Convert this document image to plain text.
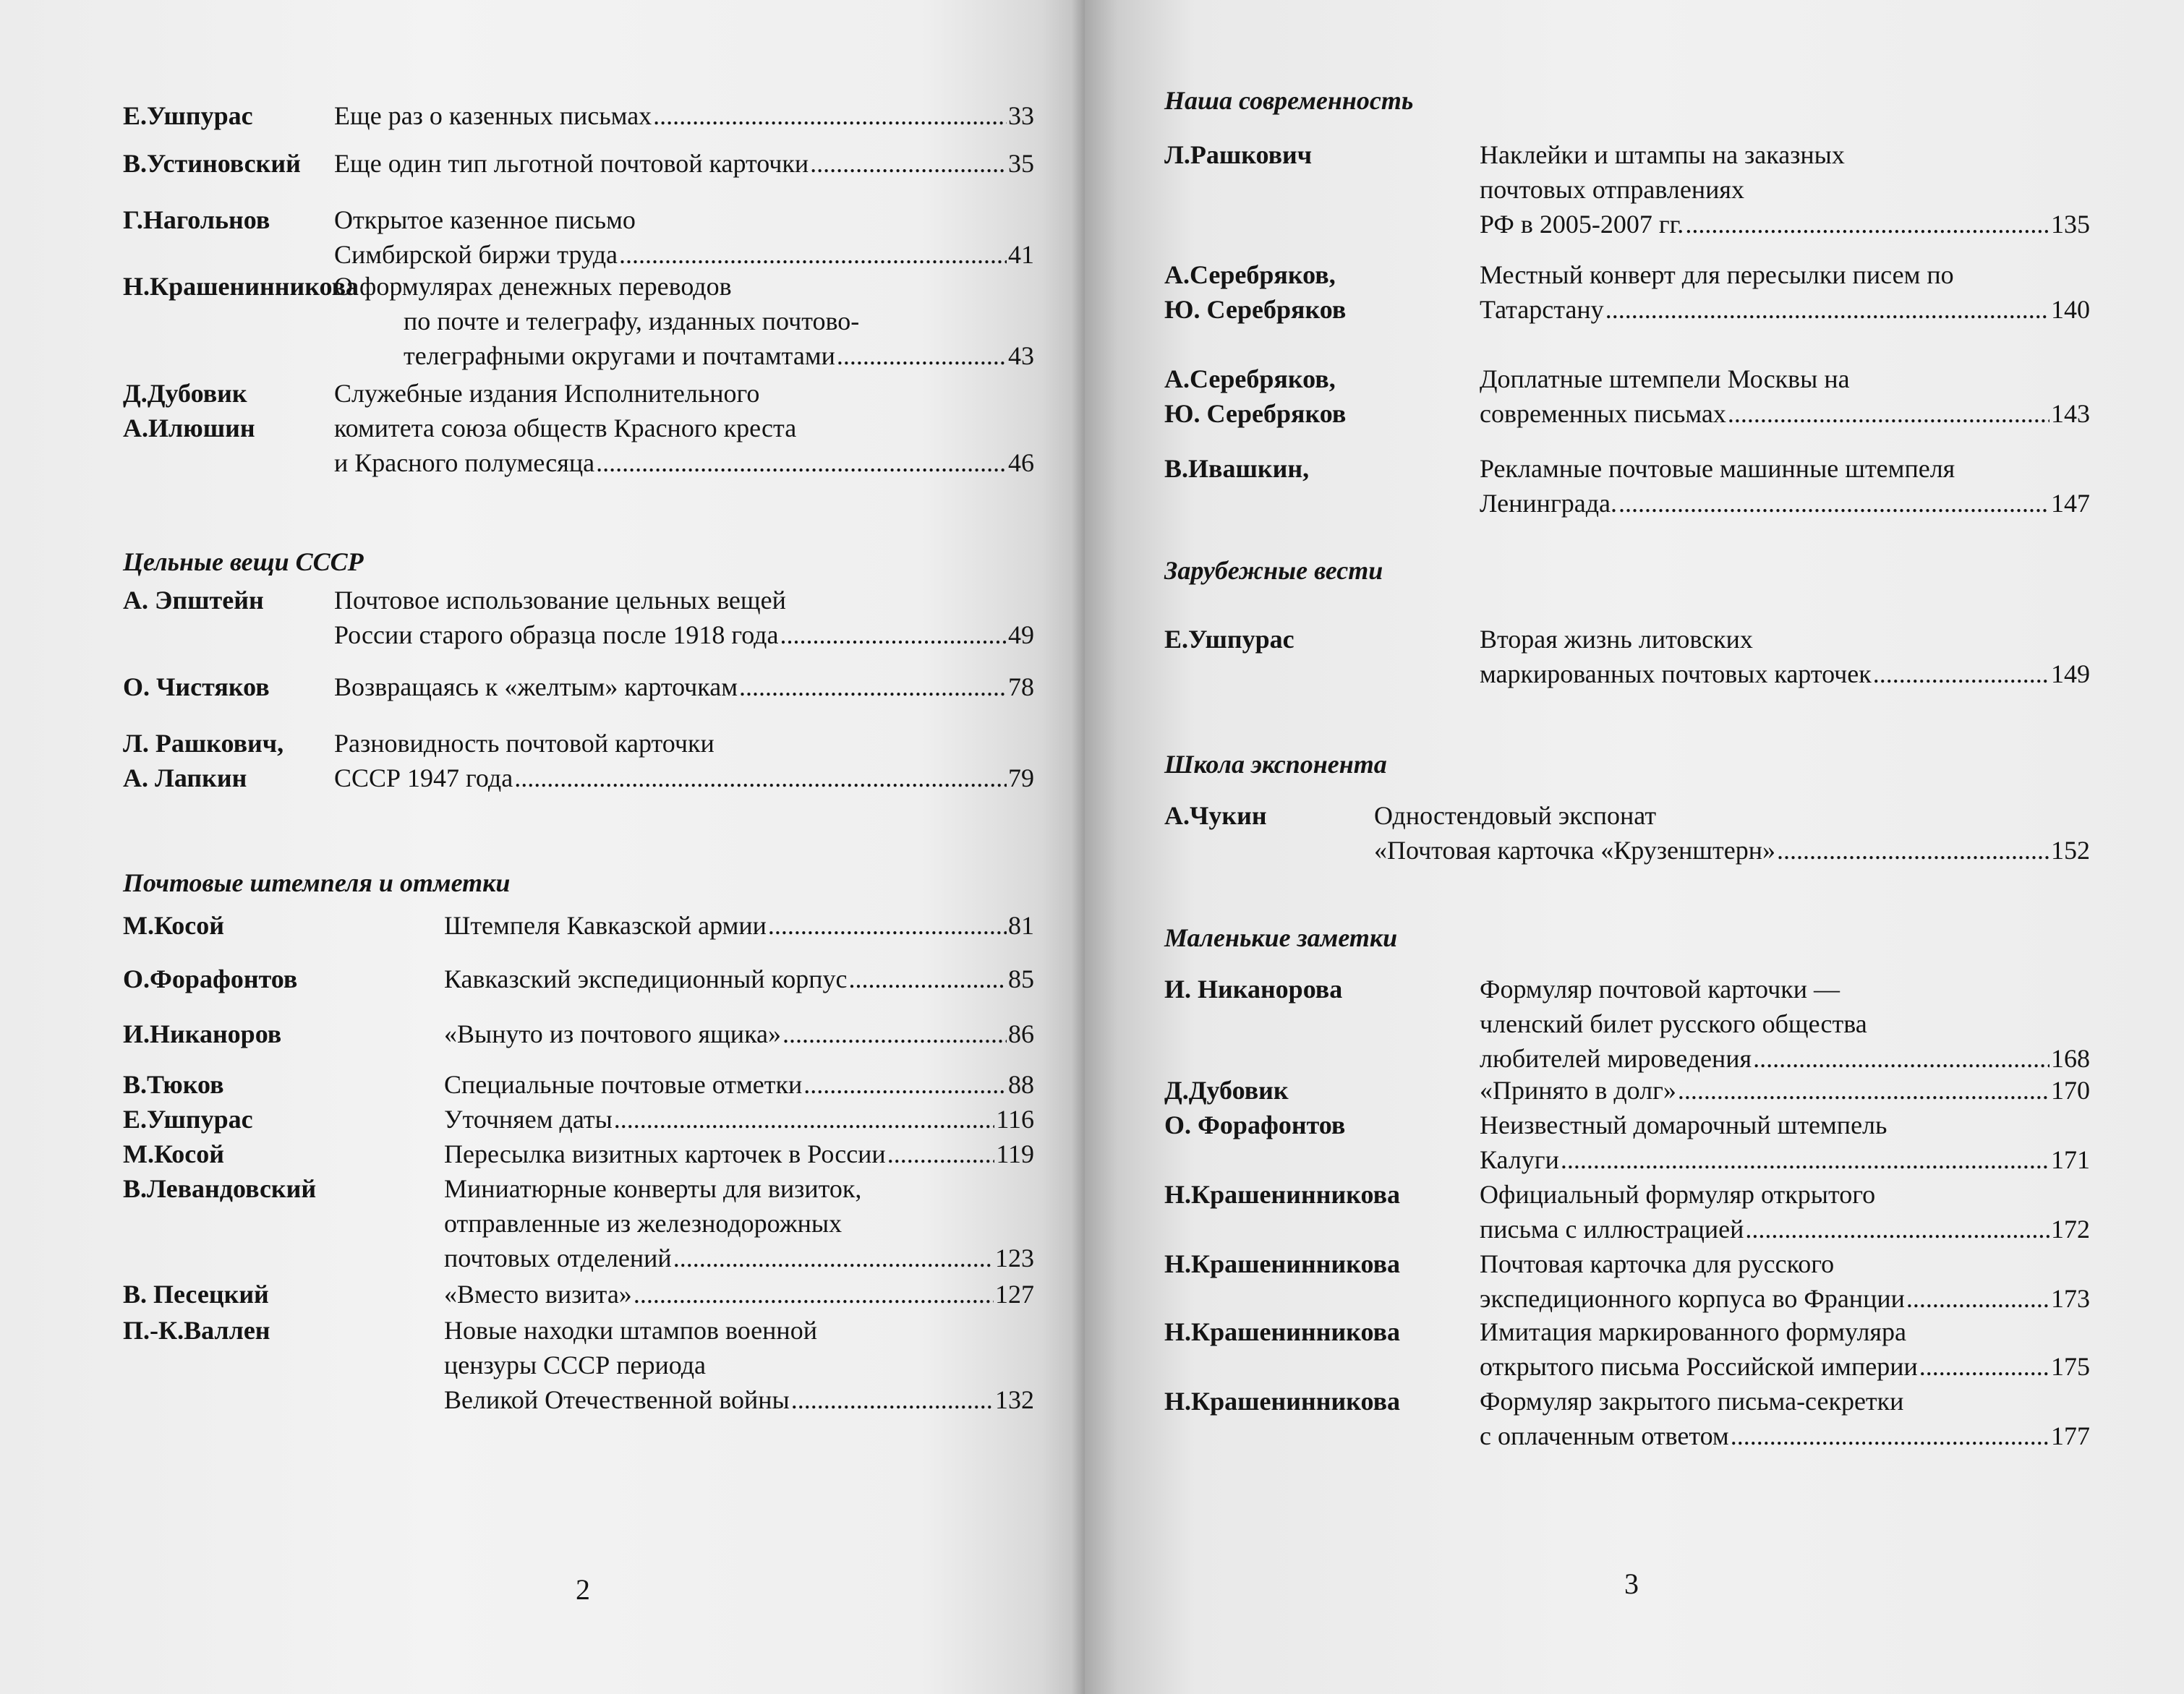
Е.Ушпурас	Еще раз о казенных письмах .....	33
В.Устиновский Еще один тип льготной почтовой карточки .....	35
Г.Нагольнов Открытое казенное письмо
Симбирской биржи труда .....	41
Н.Крашенинникова
О формулярах денежных переводов
по почте и телеграфу, изданных почтово-
телеграфными округами и почтамтами .....	43
Д.Дубовик
А.Илюшин
Служебные издания Исполнительного
комитета союза обществ Красного креста
и Красного полумесяца .....	46
Цельные вещи СССР
А. Эпштейн	Почтовое использование цельных вещей
России старого образца после 1918 года .....	49
О. Чистяков Возвращаясь к «желтым» карточкам .....	78
Л. Рашкович,
А. Лапкин
Разновидность почтовой карточки
СССР 1947 года .....	79
Почтовые штемпеля и отметки
М.Косой	Штемпеля Кавказской армии .....	81
О.Форафонтов	Кавказский экспедиционный корпус .....	85
И.Никаноров	«Вынуто из почтового ящика» .....	86
В.Тюков	Специальные почтовые отметки .....	88
Е.Ушпурас	Уточняем даты .....	116
М.Косой	Пересылка визитных карточек в России .....	119
В.Левандовский	Миниатюрные конверты для визиток,
отправленные из железнодорожных
почтовых отделений .....	123
В. Песецкий	«Вместо визита» .....	127
П.-К.Валлен	Новые находки штампов военной
цензуры СССР периода
Великой Отечественной войны .....	132
2
Наша современность
Л.Рашкович	Наклейки и штампы на заказных
почтовых отправлениях
РФ в 2005-2007 гг. .....	135
А.Серебряков,
Ю. Серебряков
Местный конверт для пересылки писем по
Татарстану .....	140
А.Серебряков,
Ю. Серебряков
Доплатные штемпели Москвы на
современных письмах .....	143
В.Ивашкин,	Рекламные почтовые машинные штемпеля
Ленинграда. .....	147
Зарубежные вести
Е.Ушпурас	Вторая жизнь литовских
маркированных почтовых карточек .....	149
Школа экспонента
А.Чукин	Одностендовый экспонат
«Почтовая карточка «Крузенштерн» .....	152
Маленькие заметки
И. Никанорова	Формуляр почтовой карточки —
членский билет русского общества
любителей мироведения .....	168
Д.Дубовик	«Принято в долг» .....	170
О. Форафонтов	Неизвестный домарочный штемпель
Калуги .....	171
Н.Крашенинникова	Официальный формуляр открытого
письма с иллюстрацией .....	172
Н.Крашенинникова	Почтовая карточка для русского
экспедиционного корпуса во Франции .....	173
Н.Крашенинникова	Имитация маркированного формуляра
открытого письма Российской империи .....	175
Н.Крашенинникова	Формуляр закрытого письма-секретки
с оплаченным ответом .....	177
3
